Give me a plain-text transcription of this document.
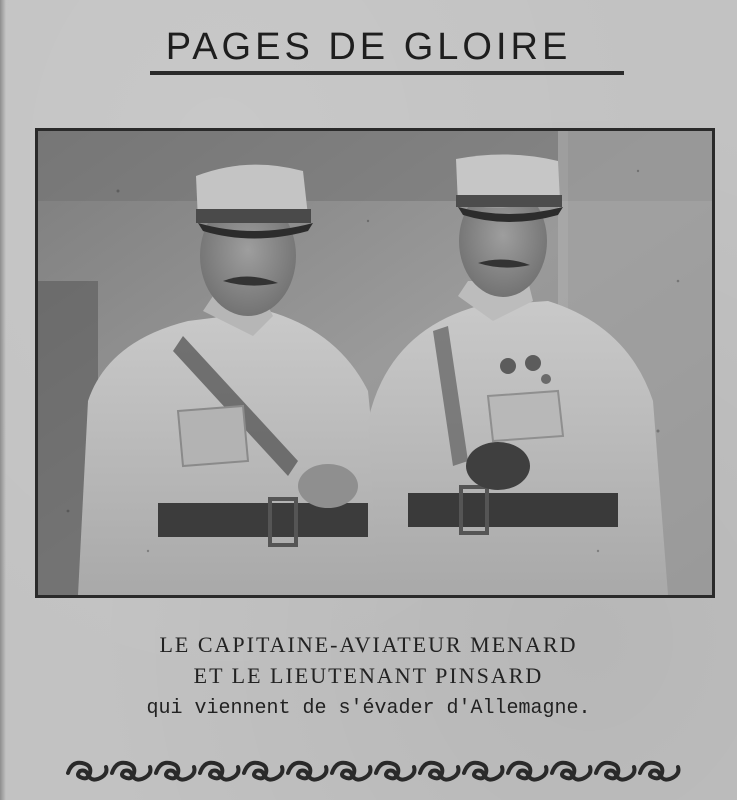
PAGES DE GLOIRE
LE CAPITAINE-AVIATEUR MENARD
ET LE LIEUTENANT PINSARD
qui viennent de s'évader d'Allemagne.
